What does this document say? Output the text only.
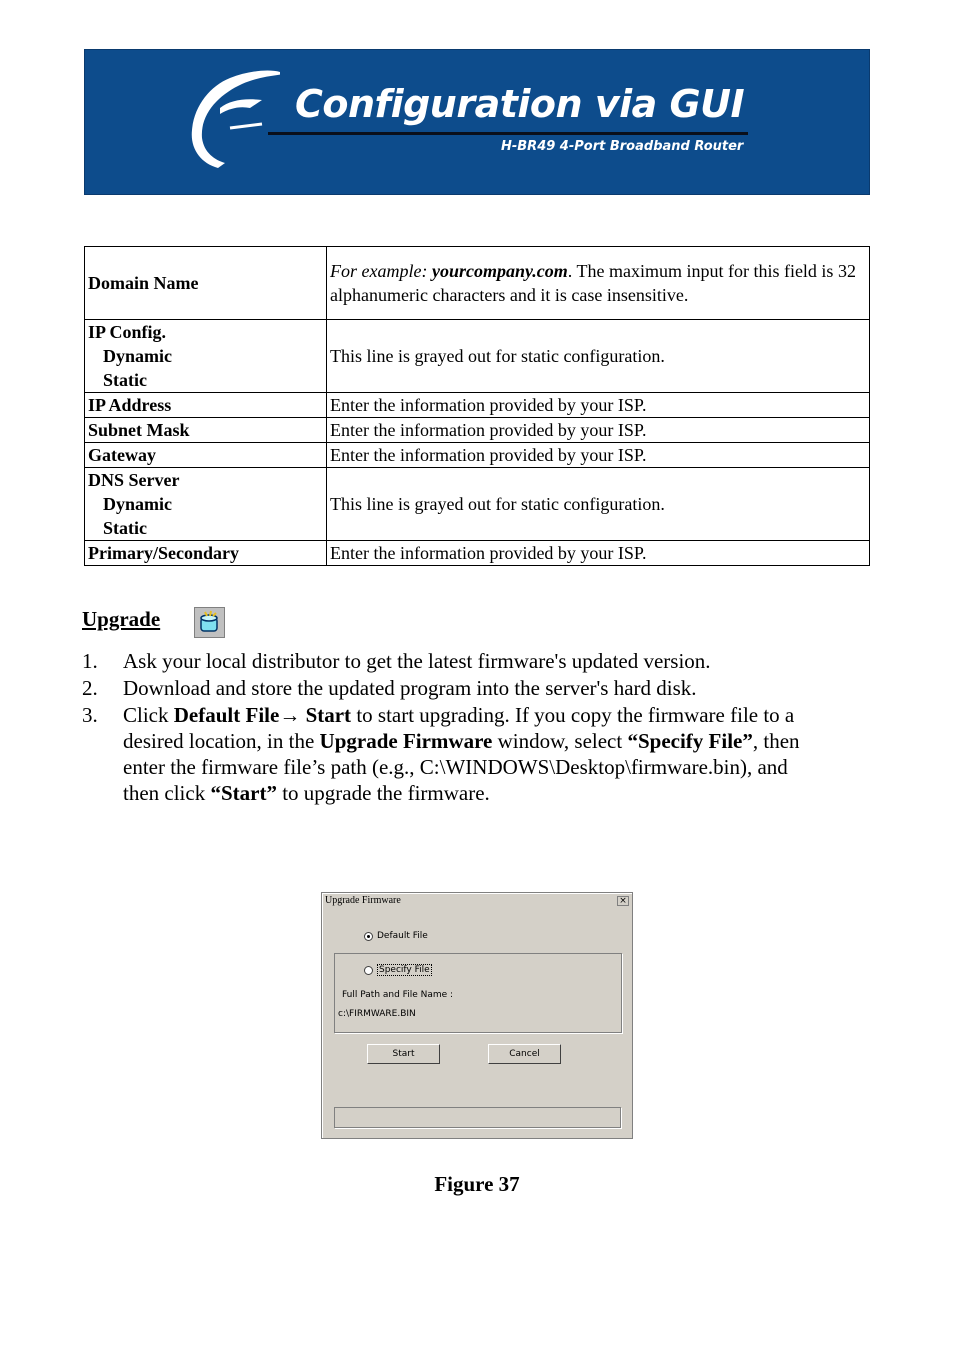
Configuration via GUI
H-BR49 4-Port Broadband Router
Domain Name	For example: yourcompany.com. The maximum input for this field is 32 alphanumeric characters and it is case insensitive.

IP Config.
Dynamic
Static	This line is grayed out for static configuration.
IP Address	Enter the information provided by your ISP.
Subnet Mask	Enter the information provided by your ISP.
Gateway	Enter the information provided by your ISP.

DNS Server
Dynamic
Static	This line is grayed out for static configuration.
Primary/Secondary	Enter the information provided by your ISP.
Upgrade
1. Ask your local distributor to get the latest firmware's updated version.
2. Download and store the updated program into the server's hard disk.
3. Click Default File→ Start to start upgrading. If you copy the firmware file to a desired location, in the Upgrade Firmware window, select “Specify File”, then enter the firmware file’s path (e.g., C:\WINDOWS\Desktop\firmware.bin), and then click “Start” to upgrade the firmware.
Upgrade Firmware	×
Default File
Specify File
Full Path and File Name :
c:\FIRMWARE.BIN
Start	Cancel
Figure 37
